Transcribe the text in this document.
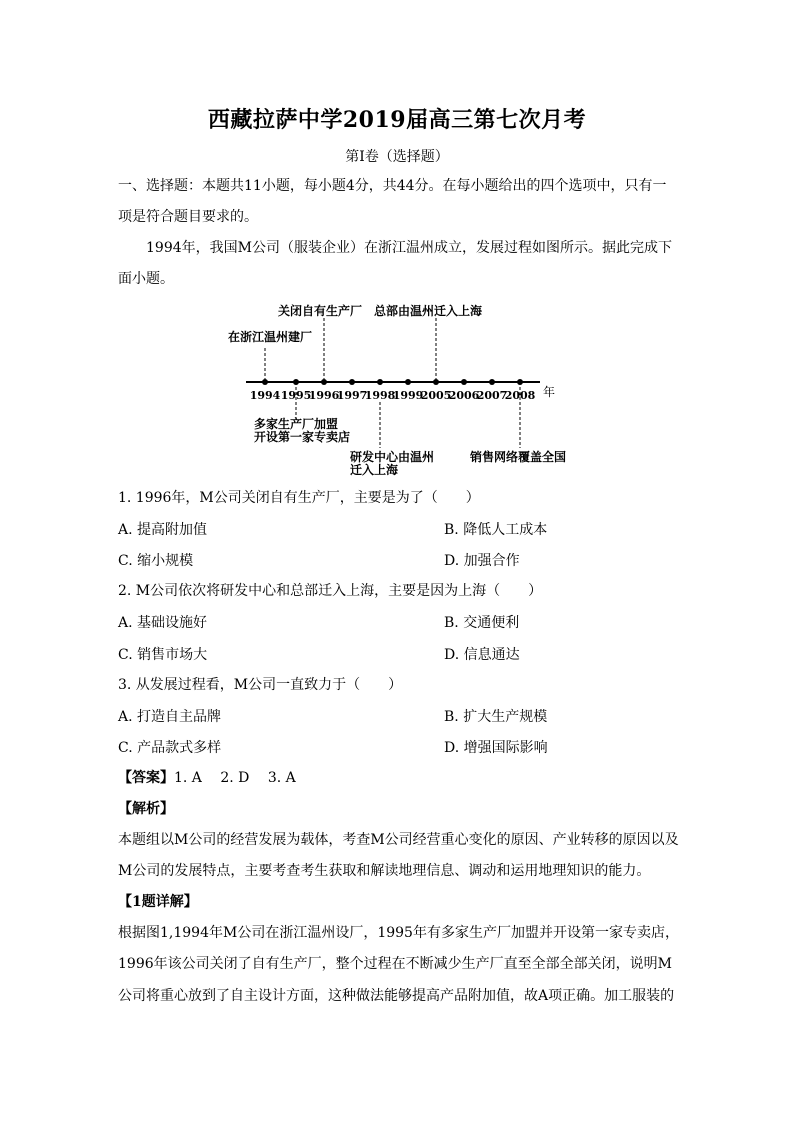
西藏拉萨中学2019届高三第七次月考
第Ⅰ卷（选择题）
一、选择题：本题共11小题，每小题4分，共44分。在每小题给出的四个选项中，只有一
项是符合题目要求的。
1994年，我国M公司（服装企业）在浙江温州成立，发展过程如图所示。据此完成下
面小题。
1994 1995
1996
1997
1998
1999
2005
2006
2007
2008 年
在浙江温州建厂
关闭自有生产厂 总部由温州迁入上海
多家生产厂加盟
开设第一家专卖店
研发中心由温州
迁入上海
销售网络覆盖全国
1. 1996年，M公司关闭自有生产厂，主要是为了（　　）
A. 提高附加值	B. 降低人工成本
C. 缩小规模	D. 加强合作
2. M公司依次将研发中心和总部迁入上海，主要是因为上海（　　）
A. 基础设施好	B. 交通便利
C. 销售市场大	D. 信息通达
3. 从发展过程看，M公司一直致力于（　　）
A. 打造自主品牌	B. 扩大生产规模
C. 产品款式多样	D. 增强国际影响
【答案】1. A　 2. D　 3. A
【解析】
本题组以M公司的经营发展为载体，考查M公司经营重心变化的原因、产业转移的原因以及
M公司的发展特点，主要考查考生获取和解读地理信息、调动和运用地理知识的能力。
【1题详解】
根据图1,1994年M公司在浙江温州设厂，1995年有多家生产厂加盟并开设第一家专卖店，
1996年该公司关闭了自有生产厂，整个过程在不断减少生产厂直至全部全部关闭，说明M
公司将重心放到了自主设计方面，这种做法能够提高产品附加值，故A项正确。加工服装的
